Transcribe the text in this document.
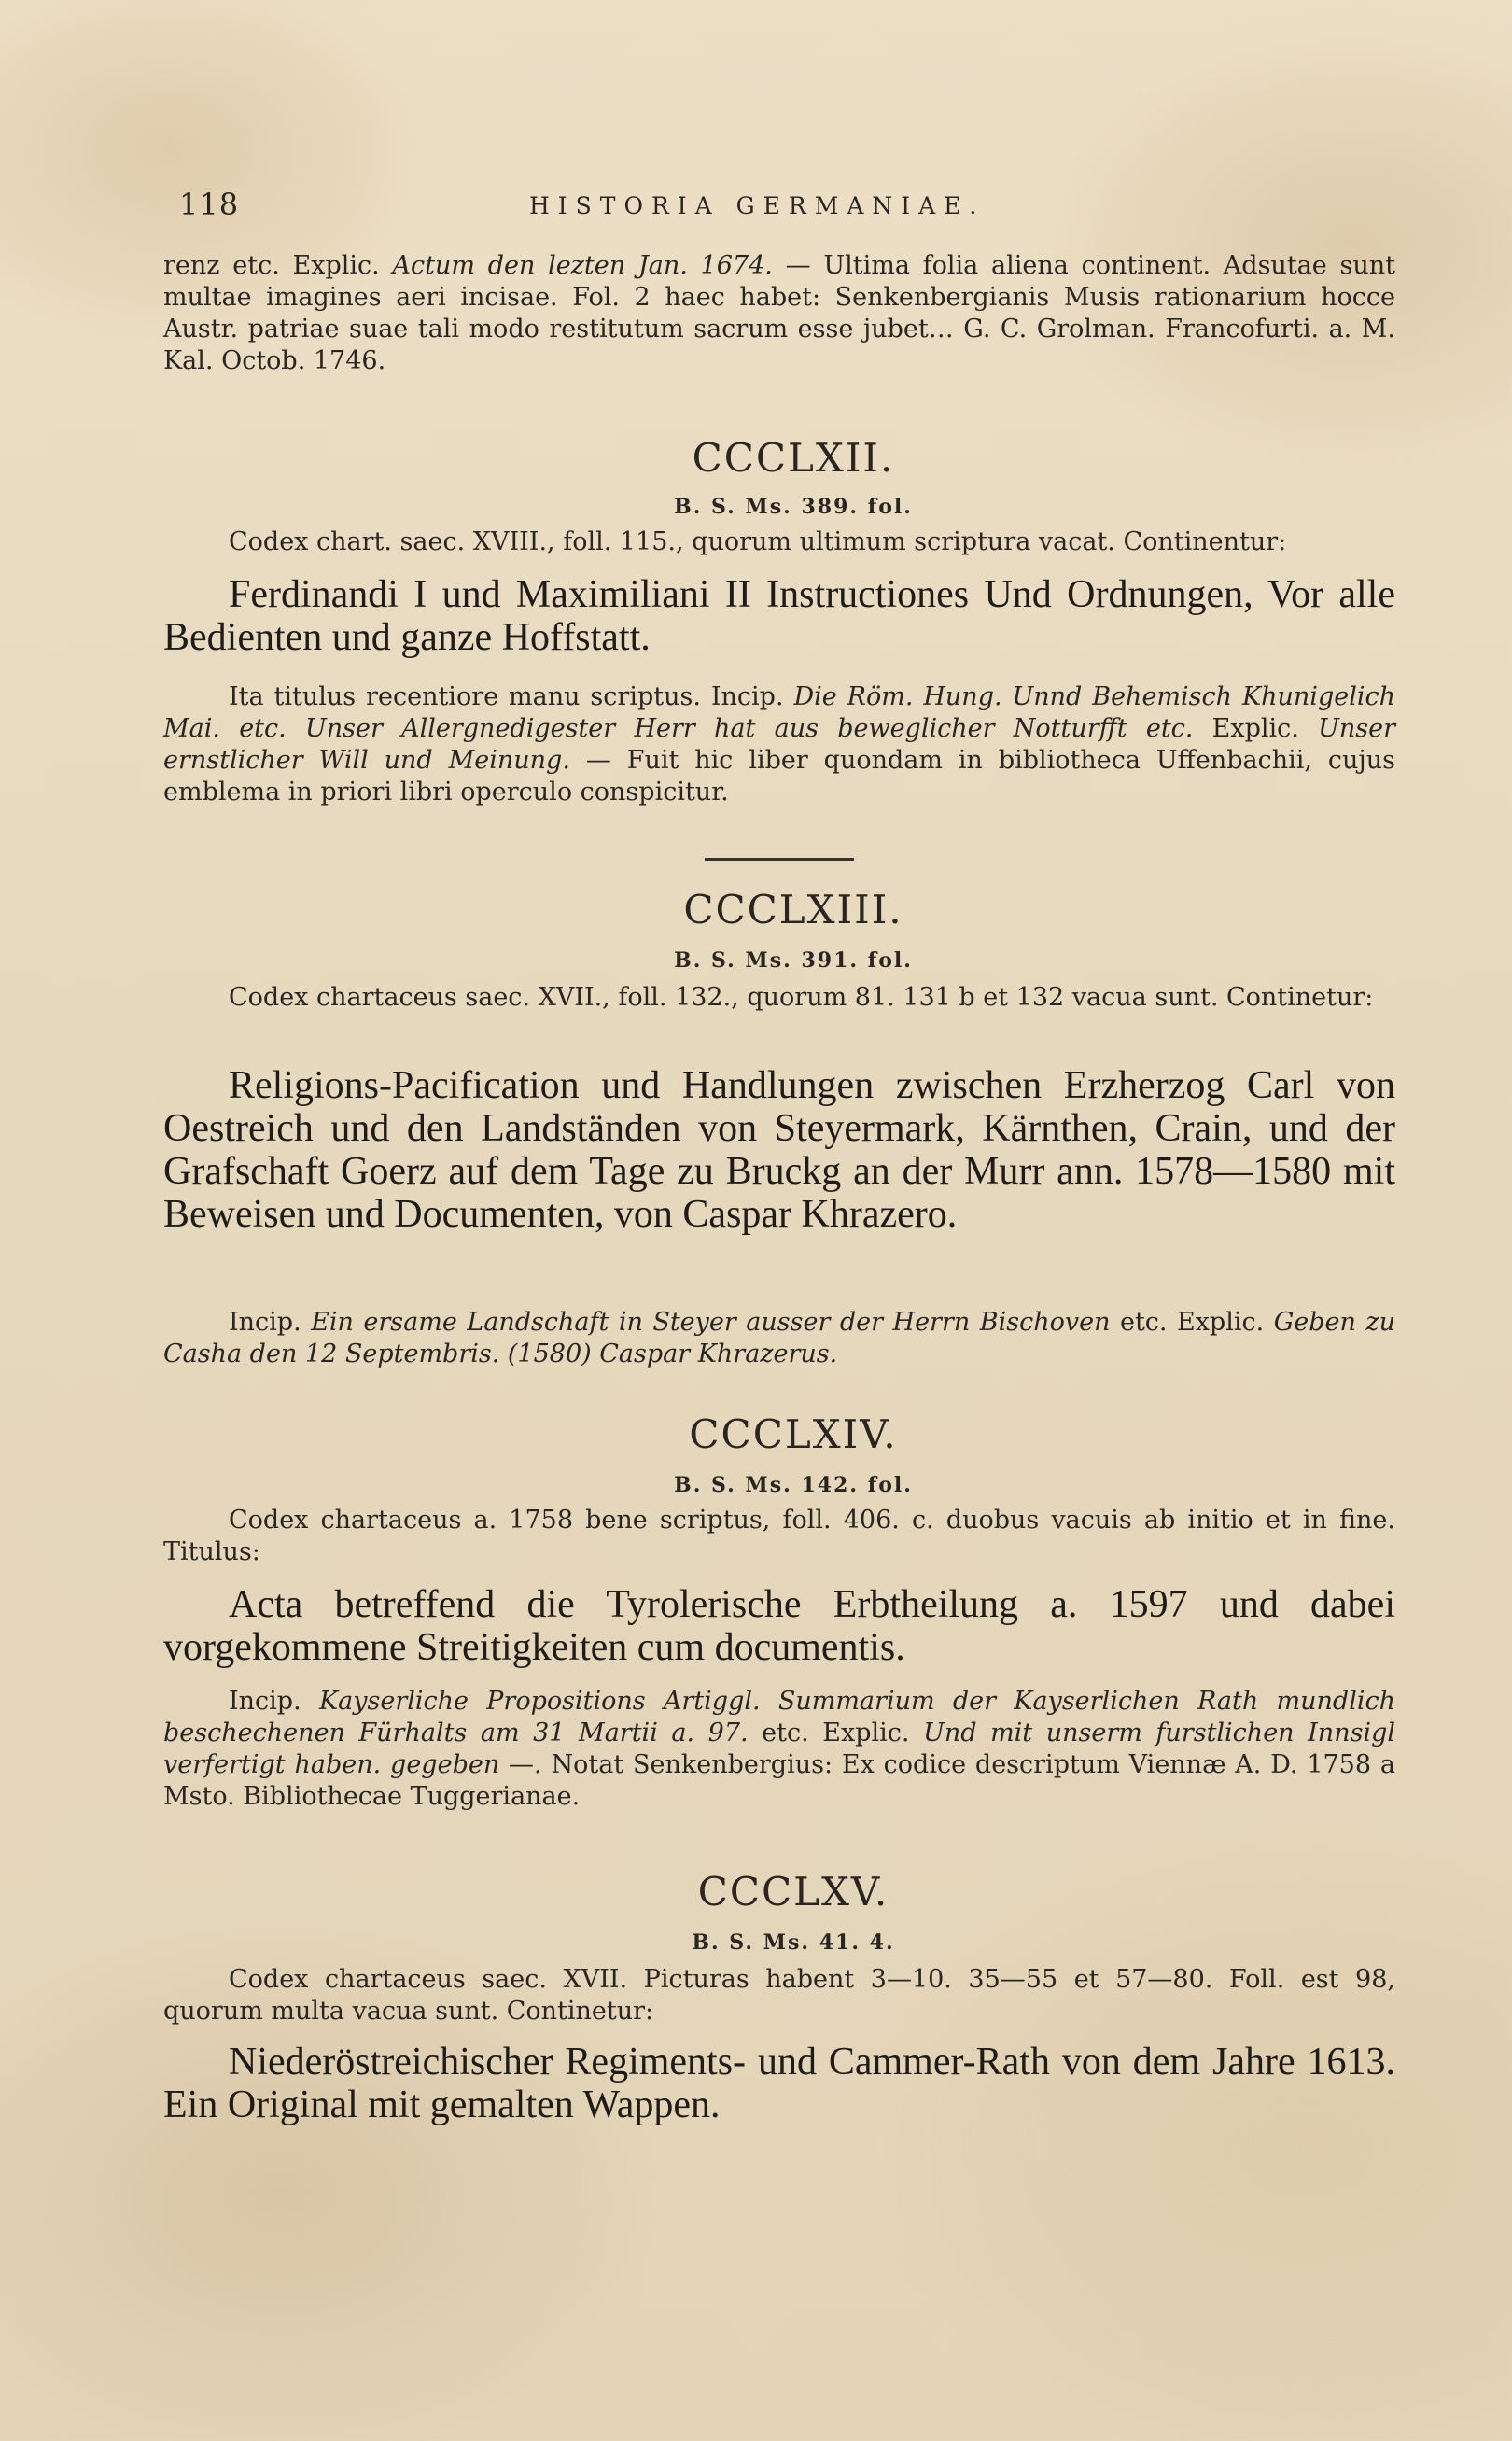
118	HISTORIA GERMANIAE.
renz etc. Explic. Actum den lezten Jan. 1674. — Ultima folia aliena continent. Adsutae sunt multae imagines aeri incisae. Fol. 2 haec habet: Senkenbergianis Musis rationarium hocce Austr. patriae suae tali modo restitutum sacrum esse jubet… G. C. Grolman. Francofurti. a. M. Kal. Octob. 1746.
CCCLXII.
B. S. Ms. 389. fol.
Codex chart. saec. XVIII., foll. 115., quorum ultimum scriptura vacat. Continentur:
Ferdinandi I und Maximiliani II Instructiones Und Ordnungen, Vor alle Bedienten und ganze Hoffstatt.
Ita titulus recentiore manu scriptus. Incip. Die Röm. Hung. Unnd Behemisch Khunigelich Mai. etc. Unser Allergnedigester Herr hat aus beweglicher Notturfft etc. Explic. Unser ernstlicher Will und Meinung. — Fuit hic liber quondam in bibliotheca Uffenbachii, cujus emblema in priori libri operculo conspicitur.
CCCLXIII.
B. S. Ms. 391. fol.
Codex chartaceus saec. XVII., foll. 132., quorum 81. 131 b et 132 vacua sunt. Continetur:
Religions-Pacification und Handlungen zwischen Erzherzog Carl von Oestreich und den Landständen von Steyermark, Kärnthen, Crain, und der Grafschaft Goerz auf dem Tage zu Bruckg an der Murr ann. 1578—1580 mit Beweisen und Documenten, von Caspar Khrazero.
Incip. Ein ersame Landschaft in Steyer ausser der Herrn Bischoven etc. Explic. Geben zu Casha den 12 Septembris. (1580) Caspar Khrazerus.
CCCLXIV.
B. S. Ms. 142. fol.
Codex chartaceus a. 1758 bene scriptus, foll. 406. c. duobus vacuis ab initio et in fine. Titulus:
Acta betreffend die Tyrolerische Erbtheilung a. 1597 und dabei vorgekommene Streitigkeiten cum documentis.
Incip. Kayserliche Propositions Artiggl. Summarium der Kayserlichen Rath mundlich beschechenen Fürhalts am 31 Martii a. 97. etc. Explic. Und mit unserm furstlichen Innsigl verfertigt haben. gegeben —. Notat Senkenbergius: Ex codice descriptum Viennæ A. D. 1758 a Msto. Bibliothecae Tuggerianae.
CCCLXV.
B. S. Ms. 41. 4.
Codex chartaceus saec. XVII. Picturas habent 3—10. 35—55 et 57—80. Foll. est 98, quorum multa vacua sunt. Continetur:
Niederöstreichischer Regiments- und Cammer-Rath von dem Jahre 1613. Ein Original mit gemalten Wappen.
